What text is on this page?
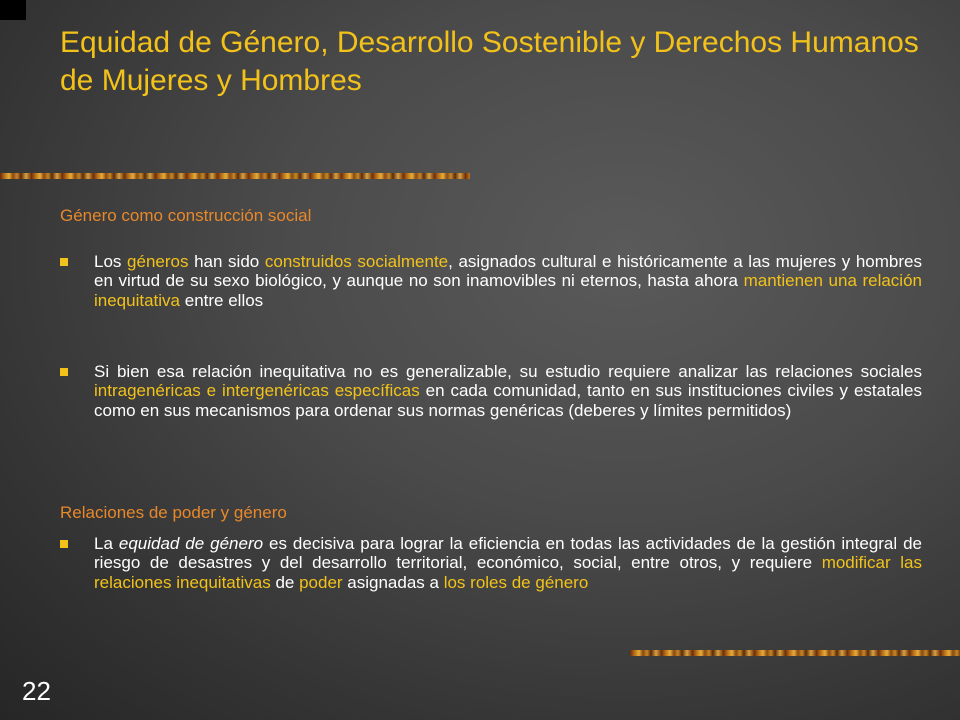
Equidad de Género, Desarrollo Sostenible y Derechos Humanos de Mujeres y Hombres

Género como construcción social

Los géneros han sido construidos socialmente, asignados cultural e históricamente a las mujeres y hombres en virtud de su sexo biológico, y aunque no son inamovibles ni eternos, hasta ahora mantienen una relación inequitativa entre ellos

Si bien esa relación inequitativa no es generalizable, su estudio requiere analizar las relaciones sociales intragenéricas e intergenéricas específicas en cada comunidad, tanto en sus instituciones civiles y estatales como en sus mecanismos para ordenar sus normas genéricas (deberes y límites permitidos)

Relaciones de poder y género

La equidad de género es decisiva para lograr la eficiencia en todas las actividades de la gestión integral de riesgo de desastres y del desarrollo territorial, económico, social, entre otros, y requiere modificar las relaciones inequitativas de poder asignadas a los roles de género

22
